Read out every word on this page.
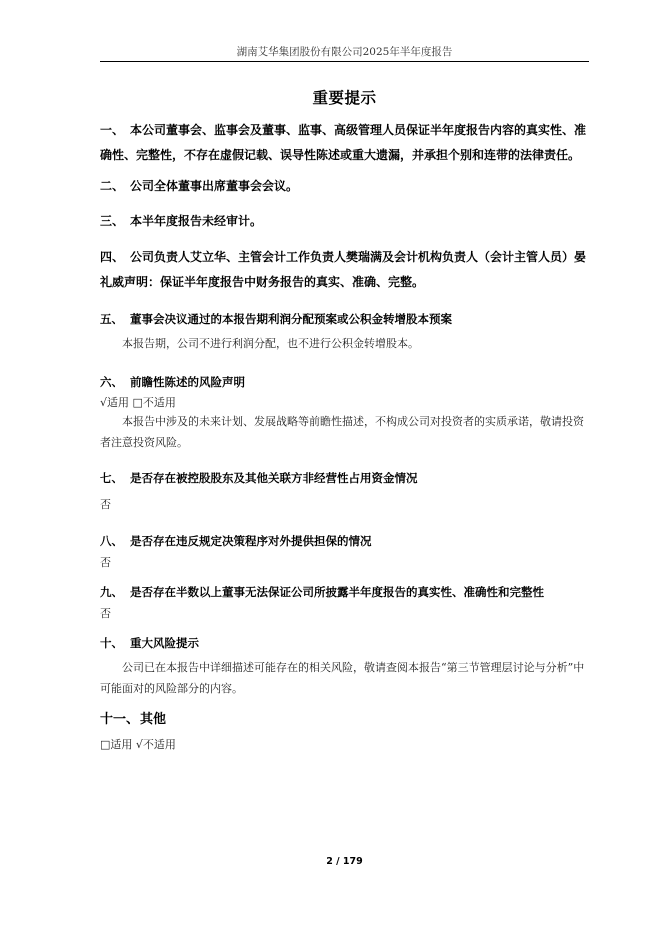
湖南艾华集团股份有限公司2025年半年度报告
重要提示
一、 本公司董事会、监事会及董事、监事、高级管理人员保证半年度报告内容的真实性、准确性、完整性，不存在虚假记载、误导性陈述或重大遗漏，并承担个别和连带的法律责任。
二、 公司全体董事出席董事会会议。
三、 本半年度报告未经审计。
四、 公司负责人艾立华、主管会计工作负责人樊瑞满及会计机构负责人（会计主管人员）晏礼威声明：保证半年度报告中财务报告的真实、准确、完整。
五、 董事会决议通过的本报告期利润分配预案或公积金转增股本预案
本报告期，公司不进行利润分配，也不进行公积金转增股本。
六、 前瞻性陈述的风险声明
√适用 □不适用
本报告中涉及的未来计划、发展战略等前瞻性描述，不构成公司对投资者的实质承诺，敬请投资者注意投资风险。
七、 是否存在被控股股东及其他关联方非经营性占用资金情况
否
八、 是否存在违反规定决策程序对外提供担保的情况
否
九、 是否存在半数以上董事无法保证公司所披露半年度报告的真实性、准确性和完整性
否
十、 重大风险提示
公司已在本报告中详细描述可能存在的相关风险，敬请查阅本报告“第三节管理层讨论与分析”中可能面对的风险部分的内容。
十一、其他
□适用 √不适用
2 / 179
